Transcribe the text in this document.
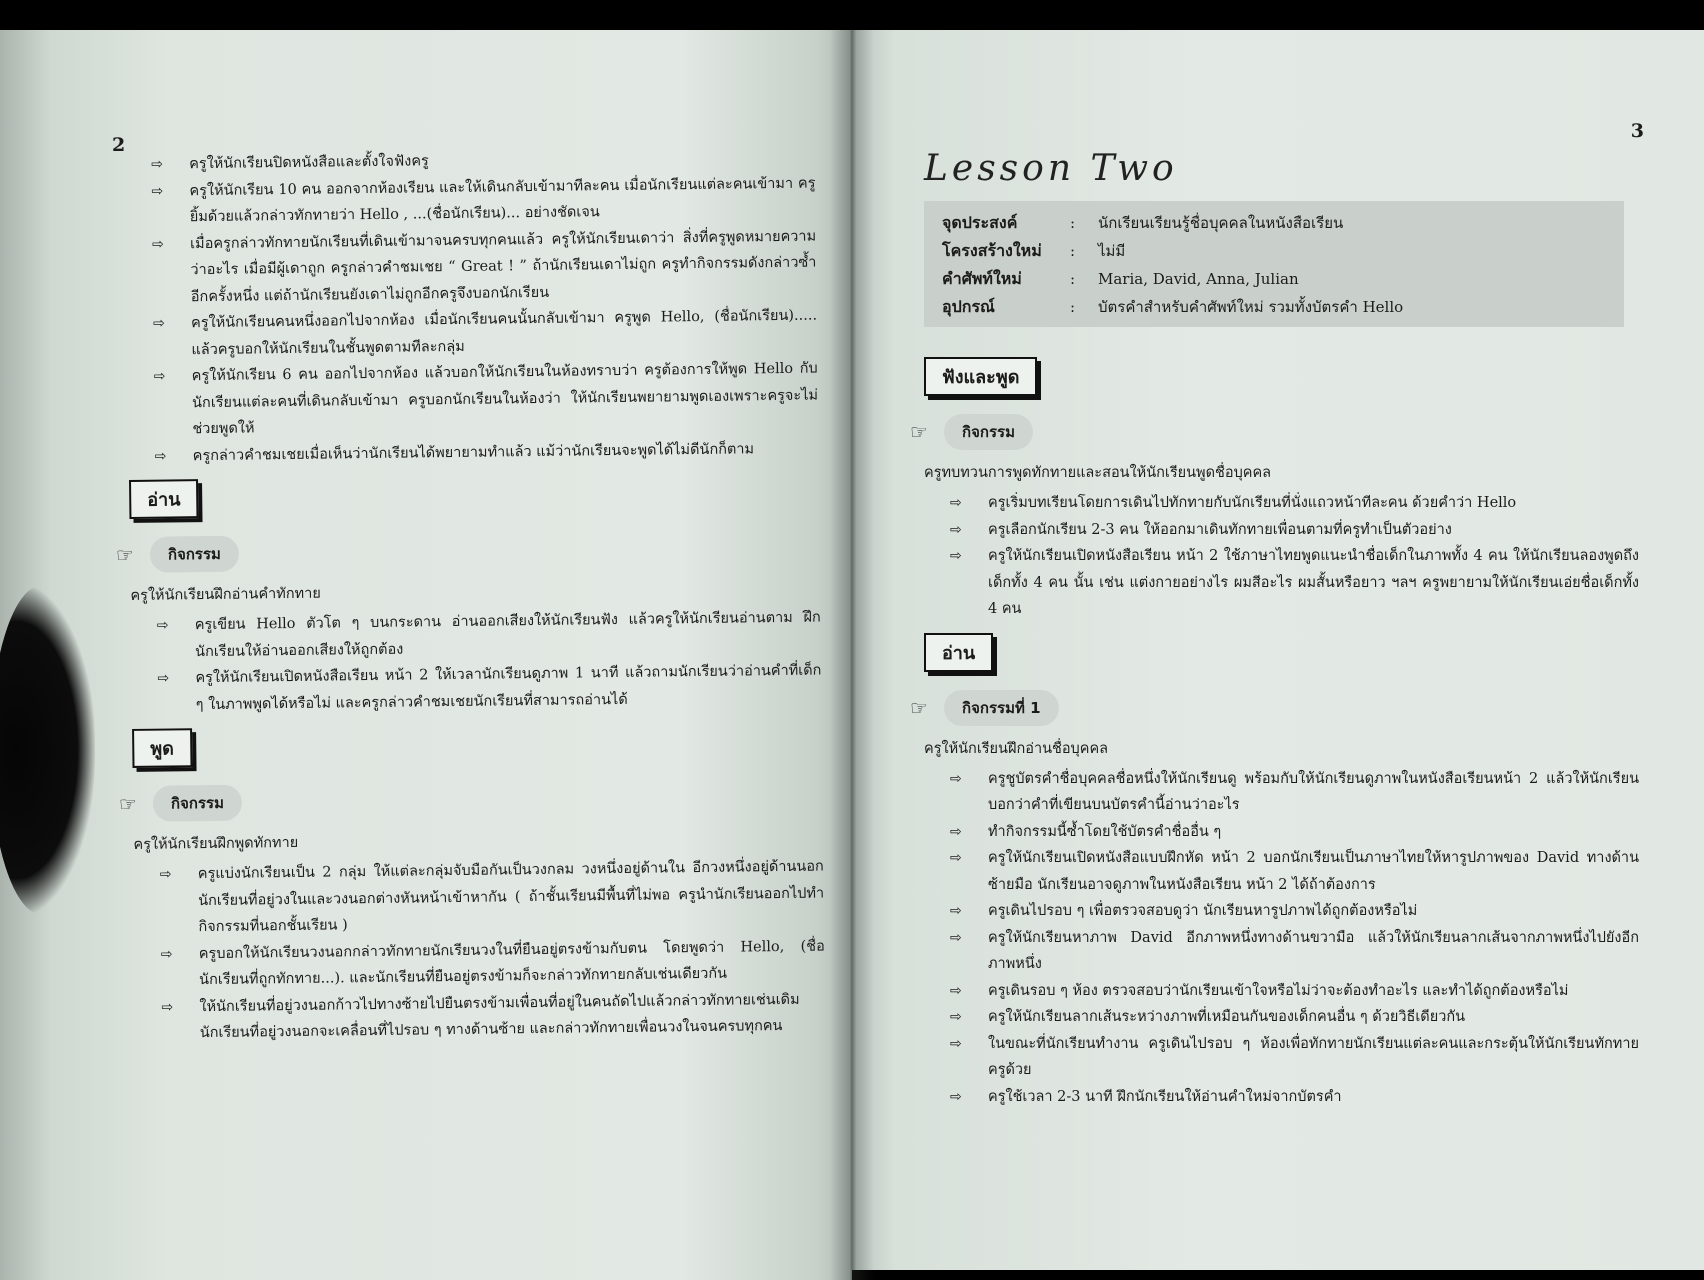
2
⇨	ครูให้นักเรียนปิดหนังสือและตั้งใจฟังครู
⇨	ครูให้นักเรียน 10 คน ออกจากห้องเรียน และให้เดินกลับเข้ามาทีละคน เมื่อนักเรียนแต่ละคนเข้ามา ครูยิ้มด้วยแล้วกล่าวทักทายว่า Hello , ...(ชื่อนักเรียน)... อย่างชัดเจน
⇨	เมื่อครูกล่าวทักทายนักเรียนที่เดินเข้ามาจนครบทุกคนแล้ว ครูให้นักเรียนเดาว่า สิ่งที่ครูพูดหมายความว่าอะไร เมื่อมีผู้เดาถูก ครูกล่าวคำชมเชย “ Great ! ” ถ้านักเรียนเดาไม่ถูก ครูทำกิจกรรมดังกล่าวซ้ำอีกครั้งหนึ่ง แต่ถ้านักเรียนยังเดาไม่ถูกอีกครูจึงบอกนักเรียน
⇨	ครูให้นักเรียนคนหนึ่งออกไปจากห้อง เมื่อนักเรียนคนนั้นกลับเข้ามา ครูพูด Hello, (ชื่อนักเรียน)..... แล้วครูบอกให้นักเรียนในชั้นพูดตามทีละกลุ่ม
⇨	ครูให้นักเรียน 6 คน ออกไปจากห้อง แล้วบอกให้นักเรียนในห้องทราบว่า ครูต้องการให้พูด Hello กับนักเรียนแต่ละคนที่เดินกลับเข้ามา ครูบอกนักเรียนในห้องว่า ให้นักเรียนพยายามพูดเองเพราะครูจะไม่ช่วยพูดให้
⇨	ครูกล่าวคำชมเชยเมื่อเห็นว่านักเรียนได้พยายามทำแล้ว แม้ว่านักเรียนจะพูดได้ไม่ดีนักก็ตาม
อ่าน
☞	กิจกรรม
ครูให้นักเรียนฝึกอ่านคำทักทาย
⇨	ครูเขียน Hello ตัวโต ๆ บนกระดาน อ่านออกเสียงให้นักเรียนฟัง แล้วครูให้นักเรียนอ่านตาม ฝึกนักเรียนให้อ่านออกเสียงให้ถูกต้อง
⇨	ครูให้นักเรียนเปิดหนังสือเรียน หน้า 2 ให้เวลานักเรียนดูภาพ 1 นาที แล้วถามนักเรียนว่าอ่านคำที่เด็ก ๆ ในภาพพูดได้หรือไม่ และครูกล่าวคำชมเชยนักเรียนที่สามารถอ่านได้
พูด
☞	กิจกรรม
ครูให้นักเรียนฝึกพูดทักทาย
⇨	ครูแบ่งนักเรียนเป็น 2 กลุ่ม ให้แต่ละกลุ่มจับมือกันเป็นวงกลม วงหนึ่งอยู่ด้านใน อีกวงหนึ่งอยู่ด้านนอก นักเรียนที่อยู่วงในและวงนอกต่างหันหน้าเข้าหากัน ( ถ้าชั้นเรียนมีพื้นที่ไม่พอ ครูนำนักเรียนออกไปทำกิจกรรมที่นอกชั้นเรียน )
⇨	ครูบอกให้นักเรียนวงนอกกล่าวทักทายนักเรียนวงในที่ยืนอยู่ตรงข้ามกับตน โดยพูดว่า Hello, (ชื่อนักเรียนที่ถูกทักทาย...). และนักเรียนที่ยืนอยู่ตรงข้ามก็จะกล่าวทักทายกลับเช่นเดียวกัน
⇨	ให้นักเรียนที่อยู่วงนอกก้าวไปทางซ้ายไปยืนตรงข้ามเพื่อนที่อยู่ในคนถัดไปแล้วกล่าวทักทายเช่นเดิม นักเรียนที่อยู่วงนอกจะเคลื่อนที่ไปรอบ ๆ ทางด้านซ้าย และกล่าวทักทายเพื่อนวงในจนครบทุกคน
3
Lesson Two
จุดประสงค์	:	นักเรียนเรียนรู้ชื่อบุคคลในหนังสือเรียน
โครงสร้างใหม่	:	ไม่มี
คำศัพท์ใหม่	:	Maria, David, Anna, Julian
อุปกรณ์	:	บัตรคำสำหรับคำศัพท์ใหม่ รวมทั้งบัตรคำ Hello
ฟังและพูด
☞	กิจกรรม
ครูทบทวนการพูดทักทายและสอนให้นักเรียนพูดชื่อบุคคล
⇨	ครูเริ่มบทเรียนโดยการเดินไปทักทายกับนักเรียนที่นั่งแถวหน้าทีละคน ด้วยคำว่า Hello
⇨	ครูเลือกนักเรียน 2-3 คน ให้ออกมาเดินทักทายเพื่อนตามที่ครูทำเป็นตัวอย่าง
⇨	ครูให้นักเรียนเปิดหนังสือเรียน หน้า 2 ใช้ภาษาไทยพูดแนะนำชื่อเด็กในภาพทั้ง 4 คน ให้นักเรียนลองพูดถึงเด็กทั้ง 4 คน นั้น เช่น แต่งกายอย่างไร ผมสีอะไร ผมสั้นหรือยาว ฯลฯ ครูพยายามให้นักเรียนเอ่ยชื่อเด็กทั้ง 4 คน
อ่าน
☞	กิจกรรมที่ 1
ครูให้นักเรียนฝึกอ่านชื่อบุคคล
⇨	ครูชูบัตรคำชื่อบุคคลชื่อหนึ่งให้นักเรียนดู พร้อมกับให้นักเรียนดูภาพในหนังสือเรียนหน้า 2 แล้วให้นักเรียนบอกว่าคำที่เขียนบนบัตรคำนี้อ่านว่าอะไร
⇨	ทำกิจกรรมนี้ซ้ำโดยใช้บัตรคำชื่ออื่น ๆ
⇨	ครูให้นักเรียนเปิดหนังสือแบบฝึกหัด หน้า 2 บอกนักเรียนเป็นภาษาไทยให้หารูปภาพของ David ทางด้านซ้ายมือ นักเรียนอาจดูภาพในหนังสือเรียน หน้า 2 ได้ถ้าต้องการ
⇨	ครูเดินไปรอบ ๆ เพื่อตรวจสอบดูว่า นักเรียนหารูปภาพได้ถูกต้องหรือไม่
⇨	ครูให้นักเรียนหาภาพ David อีกภาพหนึ่งทางด้านขวามือ แล้วให้นักเรียนลากเส้นจากภาพหนึ่งไปยังอีกภาพหนึ่ง
⇨	ครูเดินรอบ ๆ ห้อง ตรวจสอบว่านักเรียนเข้าใจหรือไม่ว่าจะต้องทำอะไร และทำได้ถูกต้องหรือไม่
⇨	ครูให้นักเรียนลากเส้นระหว่างภาพที่เหมือนกันของเด็กคนอื่น ๆ ด้วยวิธีเดียวกัน
⇨	ในขณะที่นักเรียนทำงาน ครูเดินไปรอบ ๆ ห้องเพื่อทักทายนักเรียนแต่ละคนและกระตุ้นให้นักเรียนทักทายครูด้วย
⇨	ครูใช้เวลา 2-3 นาที ฝึกนักเรียนให้อ่านคำใหม่จากบัตรคำ
